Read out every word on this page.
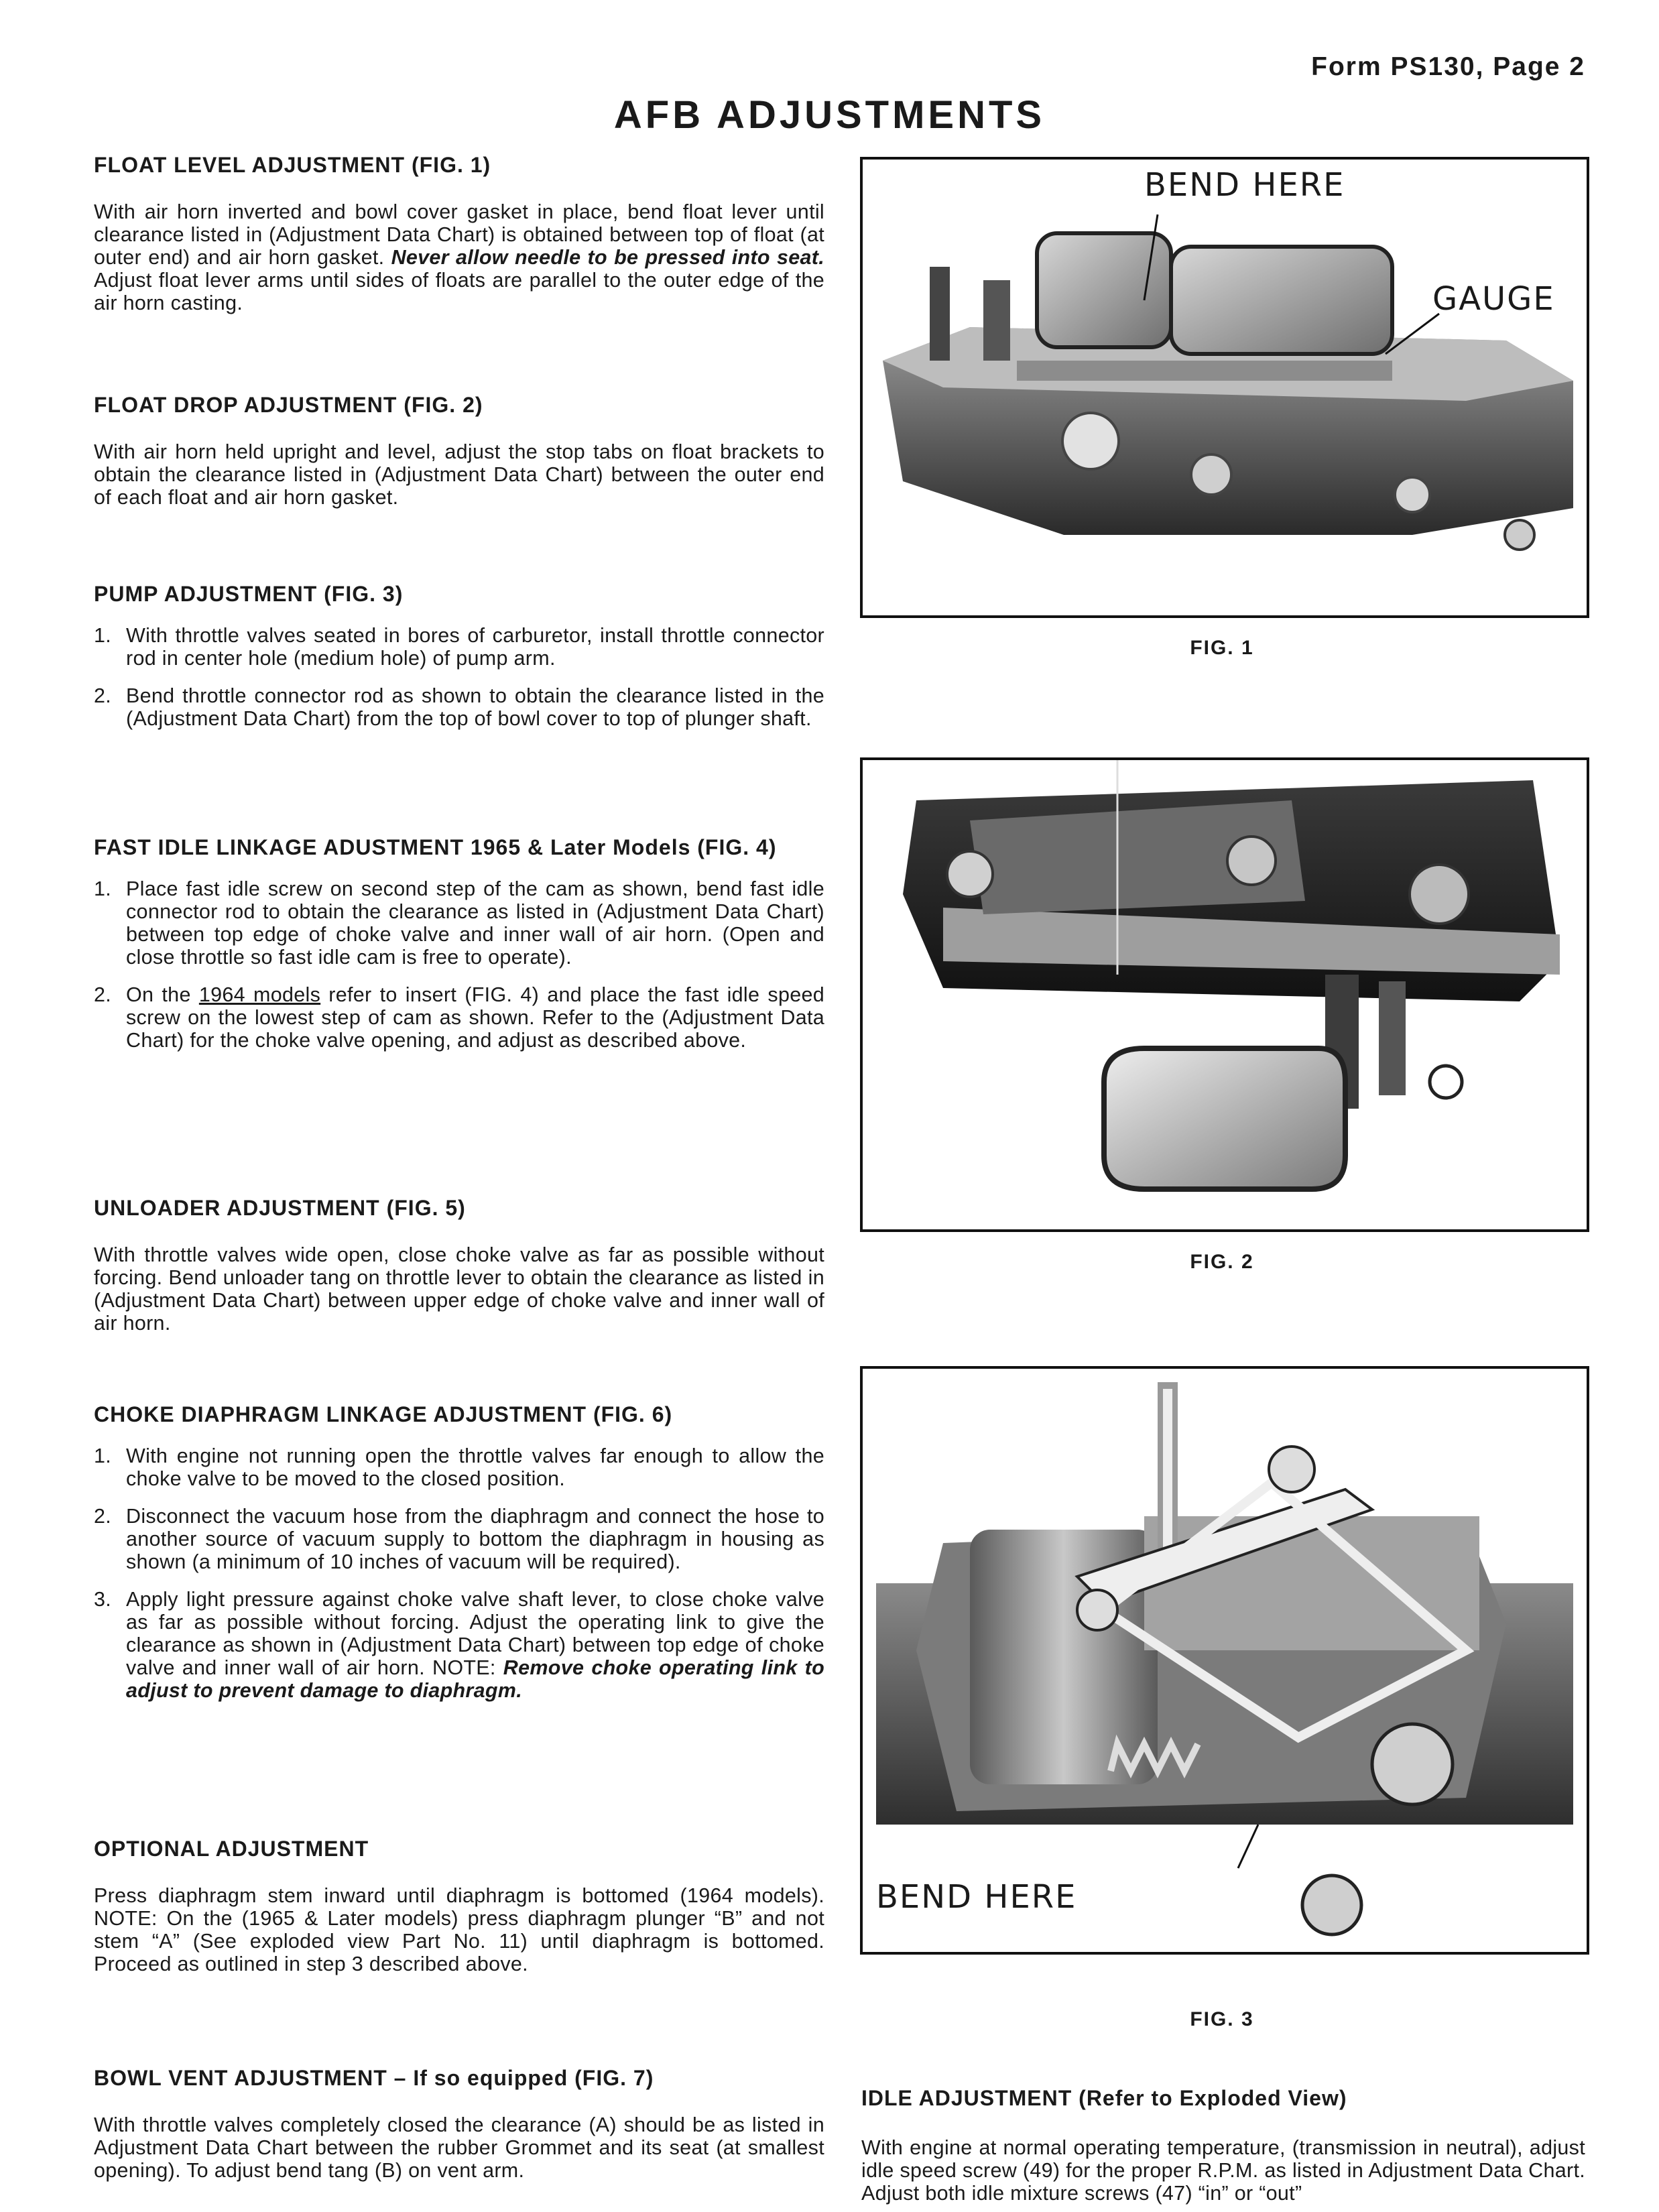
Form PS130, Page 2
AFB ADJUSTMENTS
FLOAT LEVEL ADJUSTMENT (FIG. 1)

With air horn inverted and bowl cover gasket in place, bend float lever until clearance listed in (Adjustment Data Chart) is obtained between top of float (at outer end) and air horn gasket. Never allow needle to be pressed into seat. Adjust float lever arms until sides of floats are parallel to the outer edge of the air horn casting.

FLOAT DROP ADJUSTMENT (FIG. 2)

With air horn held upright and level, adjust the stop tabs on float brackets to obtain the clearance listed in (Adjustment Data Chart) between the outer end of each float and air horn gasket.

PUMP ADJUSTMENT (FIG. 3)
1. With throttle valves seated in bores of carburetor, install throttle connector rod in center hole (medium hole) of pump arm.
2. Bend throttle connector rod as shown to obtain the clearance listed in the (Adjustment Data Chart) from the top of bowl cover to top of plunger shaft.
FAST IDLE LINKAGE ADUSTMENT 1965 & Later Models (FIG. 4)
1. Place fast idle screw on second step of the cam as shown, bend fast idle connector rod to obtain the clearance as listed in (Adjustment Data Chart) between top edge of choke valve and inner wall of air horn. (Open and close throttle so fast idle cam is free to operate).
2. On the 1964 models refer to insert (FIG. 4) and place the fast idle speed screw on the lowest step of cam as shown. Refer to the (Adjustment Data Chart) for the choke valve opening, and adjust as described above.
UNLOADER ADJUSTMENT (FIG. 5)

With throttle valves wide open, close choke valve as far as possible without forcing. Bend unloader tang on throttle lever to obtain the clearance as listed in (Adjustment Data Chart) between upper edge of choke valve and inner wall of air horn.

CHOKE DIAPHRAGM LINKAGE ADJUSTMENT (FIG. 6)
1. With engine not running open the throttle valves far enough to allow the choke valve to be moved to the closed position.
2. Disconnect the vacuum hose from the diaphragm and connect the hose to another source of vacuum supply to bottom the diaphragm in housing as shown (a minimum of 10 inches of vacuum will be required).
3. Apply light pressure against choke valve shaft lever, to close choke valve as far as possible without forcing. Adjust the operating link to give the clearance as shown in (Adjustment Data Chart) between top edge of choke valve and inner wall of air horn. NOTE: Remove choke operating link to adjust to prevent damage to diaphragm.
OPTIONAL ADJUSTMENT

Press diaphragm stem inward until diaphragm is bottomed (1964 models). NOTE: On the (1965 & Later models) press diaphragm plunger “B” and not stem “A” (See exploded view Part No. 11) until diaphragm is bottomed. Proceed as outlined in step 3 described above.

BOWL VENT ADJUSTMENT – If so equipped (FIG. 7)

With throttle valves completely closed the clearance (A) should be as listed in Adjustment Data Chart between the rubber Grommet and its seat (at smallest opening). To adjust bend tang (B) on vent arm.

BEND HERE
GAUGE
FIG. 1
FIG. 2
BEND HERE
FIG. 3
IDLE ADJUSTMENT (Refer to Exploded View)

With engine at normal operating temperature, (transmission in neutral), adjust idle speed screw (49) for the proper R.P.M. as listed in Adjustment Data Chart. Adjust both idle mixture screws (47) “in” or “out”
